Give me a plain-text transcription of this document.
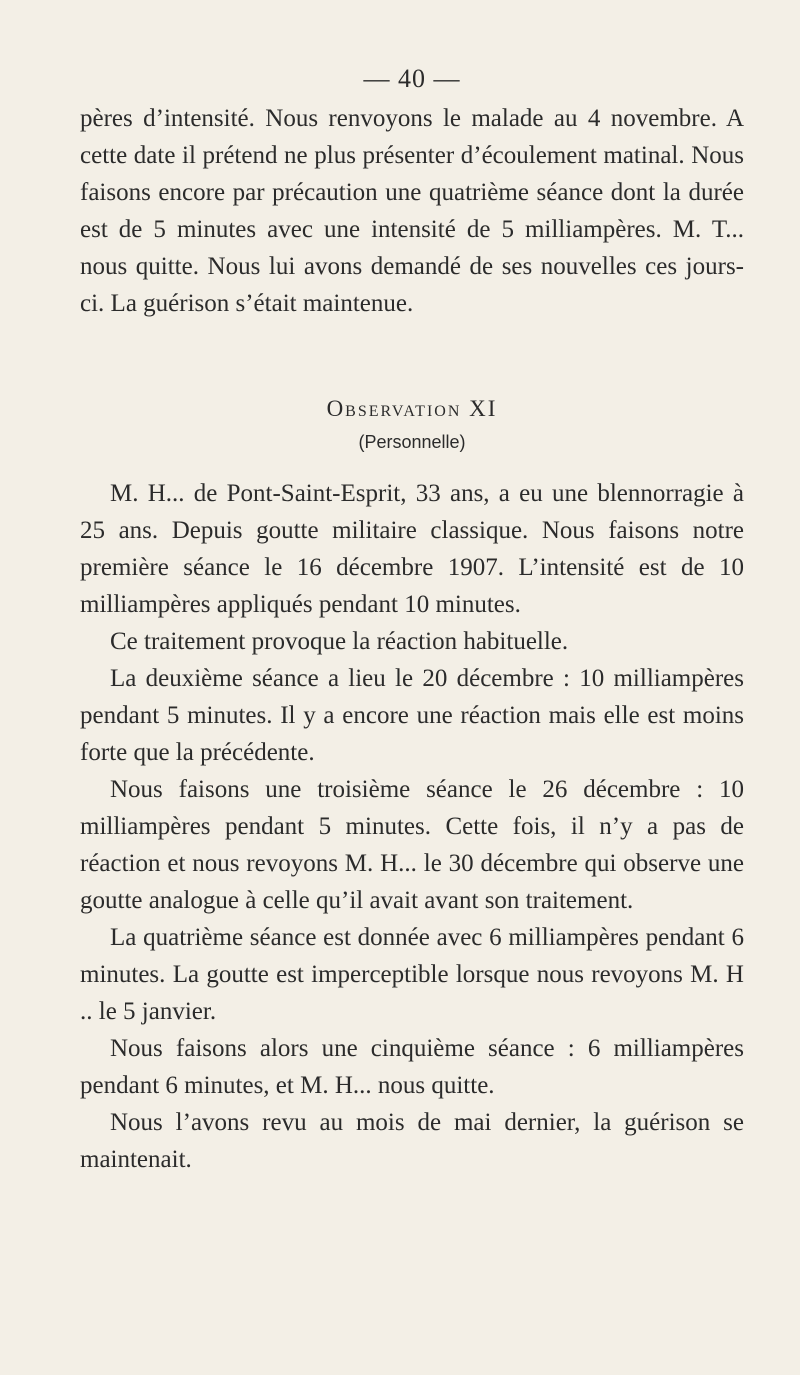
— 40 —

pères d’intensité. Nous renvoyons le malade au 4 novembre. A cette date il prétend ne plus présenter d’écoulement matinal. Nous faisons encore par précaution une quatrième séance dont la durée est de 5 minutes avec une intensité de 5 milliampères. M. T... nous quitte. Nous lui avons demandé de ses nouvelles ces jours-ci. La guérison s’était maintenue.

Observation XI
(Personnelle)

M. H... de Pont-Saint-Esprit, 33 ans, a eu une blennorragie à 25 ans. Depuis goutte militaire classique. Nous faisons notre première séance le 16 décembre 1907. L’intensité est de 10 milliampères appliqués pendant 10 minutes.

Ce traitement provoque la réaction habituelle.

La deuxième séance a lieu le 20 décembre : 10 milliampères pendant 5 minutes. Il y a encore une réaction mais elle est moins forte que la précédente.

Nous faisons une troisième séance le 26 décembre : 10 milliampères pendant 5 minutes. Cette fois, il n’y a pas de réaction et nous revoyons M. H... le 30 décembre qui observe une goutte analogue à celle qu’il avait avant son traitement.

La quatrième séance est donnée avec 6 milliampères pendant 6 minutes. La goutte est imperceptible lorsque nous revoyons M. H .. le 5 janvier.

Nous faisons alors une cinquième séance : 6 milliampères pendant 6 minutes, et M. H... nous quitte.

Nous l’avons revu au mois de mai dernier, la guérison se maintenait.
